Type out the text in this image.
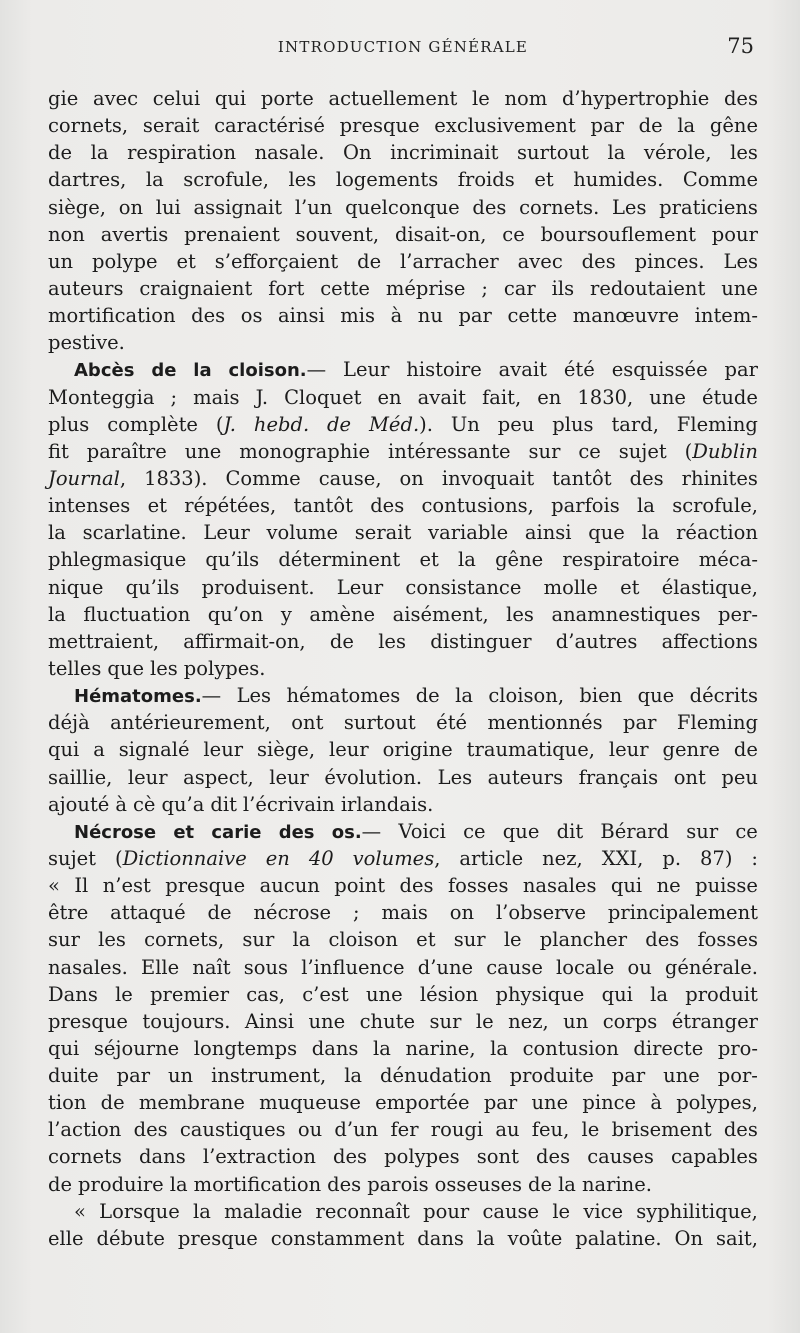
INTRODUCTION GÉNÉRALE	75
gie avec celui qui porte actuellement le nom d’hypertrophie des
cornets, serait caractérisé presque exclusivement par de la gêne
de la respiration nasale. On incriminait surtout la vérole, les
dartres, la scrofule, les logements froids et humides. Comme
siège, on lui assignait l’un quelconque des cornets. Les praticiens
non avertis prenaient souvent, disait-on, ce boursouflement pour
un polype et s’efforçaient de l’arracher avec des pinces. Les
auteurs craignaient fort cette méprise ; car ils redoutaient une
mortification des os ainsi mis à nu par cette manœuvre intem-
pestive.
Abcès de la cloison.— Leur histoire avait été esquissée par
Monteggia ; mais J. Cloquet en avait fait, en 1830, une étude
plus complète (J. hebd. de Méd.). Un peu plus tard, Fleming
fit paraître une monographie intéressante sur ce sujet (Dublin
Journal, 1833). Comme cause, on invoquait tantôt des rhinites
intenses et répétées, tantôt des contusions, parfois la scrofule,
la scarlatine. Leur volume serait variable ainsi que la réaction
phlegmasique qu’ils déterminent et la gêne respiratoire méca-
nique qu’ils produisent. Leur consistance molle et élastique,
la fluctuation qu’on y amène aisément, les anamnestiques per-
mettraient, affirmait-on, de les distinguer d’autres affections
telles que les polypes.
Hématomes.— Les hématomes de la cloison, bien que décrits
déjà antérieurement, ont surtout été mentionnés par Fleming
qui a signalé leur siège, leur origine traumatique, leur genre de
saillie, leur aspect, leur évolution. Les auteurs français ont peu
ajouté à cè qu’a dit l’écrivain irlandais.
Nécrose et carie des os.— Voici ce que dit Bérard sur ce
sujet (Dictionnaive en 40 volumes, article nez, XXI, p. 87) :
« Il n’est presque aucun point des fosses nasales qui ne puisse
être attaqué de nécrose ; mais on l’observe principalement
sur les cornets, sur la cloison et sur le plancher des fosses
nasales. Elle naît sous l’influence d’une cause locale ou générale.
Dans le premier cas, c’est une lésion physique qui la produit
presque toujours. Ainsi une chute sur le nez, un corps étranger
qui séjourne longtemps dans la narine, la contusion directe pro-
duite par un instrument, la dénudation produite par une por-
tion de membrane muqueuse emportée par une pince à polypes,
l’action des caustiques ou d’un fer rougi au feu, le brisement des
cornets dans l’extraction des polypes sont des causes capables
de produire la mortification des parois osseuses de la narine.
« Lorsque la maladie reconnaît pour cause le vice syphilitique,
elle débute presque constamment dans la voûte palatine. On sait,
